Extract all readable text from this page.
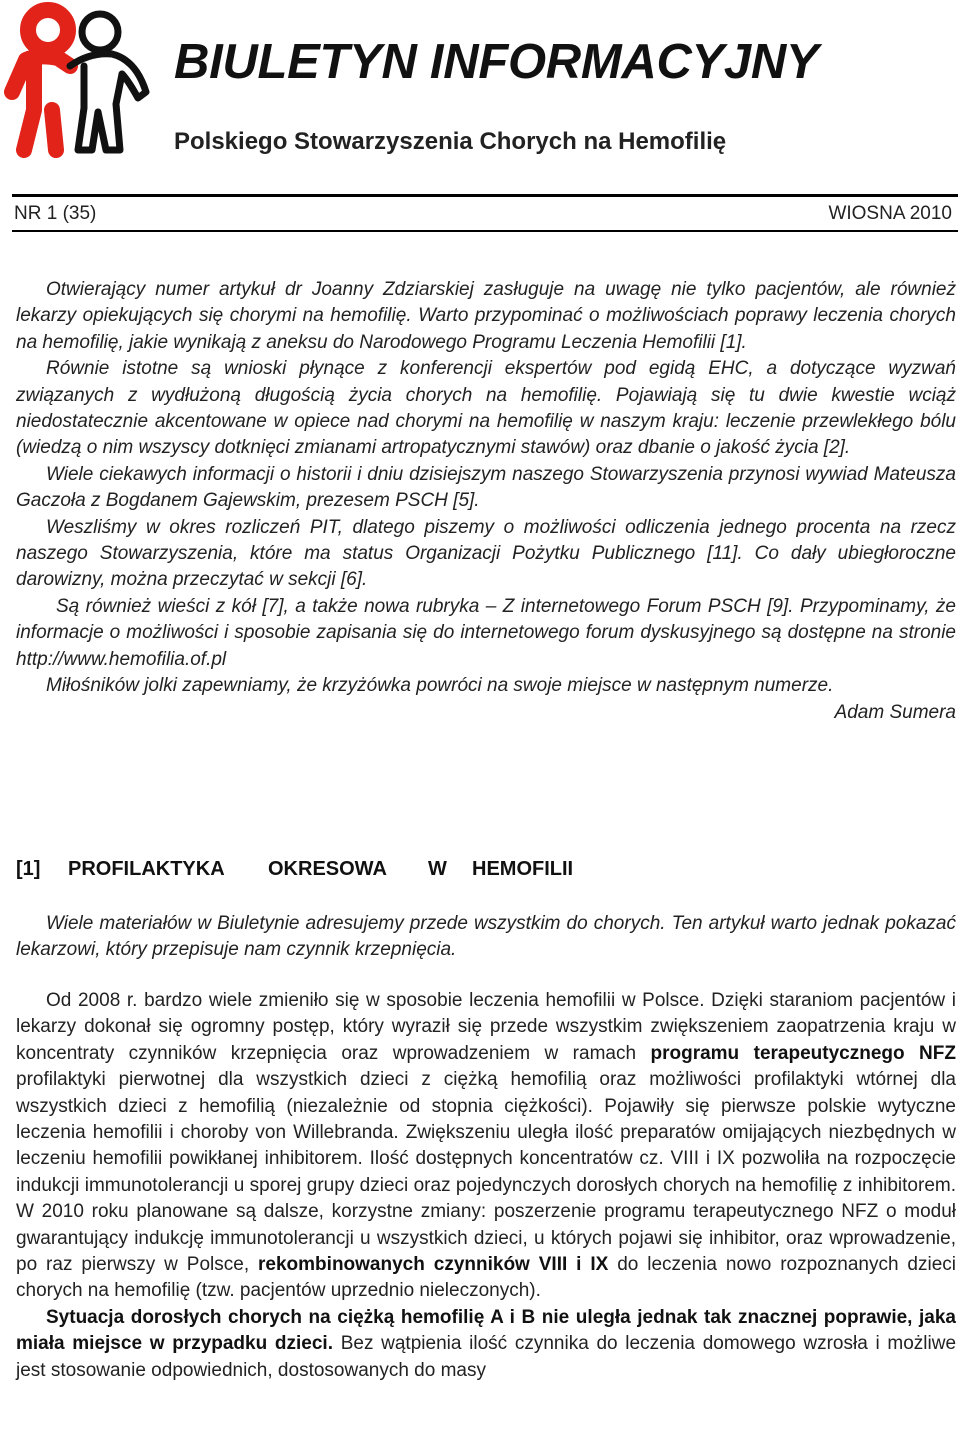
BIULETYN INFORMACYJNY
Polskiego Stowarzyszenia Chorych na Hemofilię
NR 1 (35)	WIOSNA 2010

Otwierający numer artykuł dr Joanny Zdziarskiej zasługuje na uwagę nie tylko pacjentów, ale również lekarzy opiekujących się chorymi na hemofilię. Warto przypominać o możliwościach poprawy leczenia chorych na hemofilię, jakie wynikają z aneksu do Narodowego Programu Leczenia Hemofilii [1].

Równie istotne są wnioski płynące z konferencji ekspertów pod egidą EHC, a dotyczące wyzwań związanych z wydłużoną długością życia chorych na hemofilię. Pojawiają się tu dwie kwestie wciąż niedostatecznie akcentowane w opiece nad chorymi na hemofilię w naszym kraju: leczenie przewlekłego bólu (wiedzą o nim wszyscy dotknięci zmianami artropatycznymi stawów) oraz dbanie o jakość życia [2].

Wiele ciekawych informacji o historii i dniu dzisiejszym naszego Stowarzyszenia przynosi wywiad Mateusza Gaczoła z Bogdanem Gajewskim, prezesem PSCH [5].

Weszliśmy w okres rozliczeń PIT, dlatego piszemy o możliwości odliczenia jednego procenta na rzecz naszego Stowarzyszenia, które ma status Organizacji Pożytku Publicznego [11]. Co dały ubiegłoroczne darowizny, można przeczytać w sekcji [6].

Są również wieści z kół [7], a także nowa rubryka – Z internetowego Forum PSCH [9]. Przypominamy, że informacje o możliwości i sposobie zapisania się do internetowego forum dyskusyjnego są dostępne na stronie http://www.hemofilia.of.pl

Miłośników jolki zapewniamy, że krzyżówka powróci na swoje miejsce w następnym numerze.

Adam Sumera

[1] PROFILAKTYKA OKRESOWA W HEMOFILII

Wiele materiałów w Biuletynie adresujemy przede wszystkim do chorych. Ten artykuł warto jednak pokazać lekarzowi, który przepisuje nam czynnik krzepnięcia.

Od 2008 r. bardzo wiele zmieniło się w sposobie leczenia hemofilii w Polsce. Dzięki staraniom pacjentów i lekarzy dokonał się ogromny postęp, który wyraził się przede wszystkim zwiększeniem zaopatrzenia kraju w koncentraty czynników krzepnięcia oraz wprowadzeniem w ramach programu terapeutycznego NFZ profilaktyki pierwotnej dla wszystkich dzieci z ciężką hemofilią oraz możliwości profilaktyki wtórnej dla wszystkich dzieci z hemofilią (niezależnie od stopnia ciężkości). Pojawiły się pierwsze polskie wytyczne leczenia hemofilii i choroby von Willebranda. Zwiększeniu uległa ilość preparatów omijających niezbędnych w leczeniu hemofilii powikłanej inhibitorem. Ilość dostępnych koncentratów cz. VIII i IX pozwoliła na rozpoczęcie indukcji immunotolerancji u sporej grupy dzieci oraz pojedynczych dorosłych chorych na hemofilię z inhibitorem. W 2010 roku planowane są dalsze, korzystne zmiany: poszerzenie programu terapeutycznego NFZ o moduł gwarantujący indukcję immunotolerancji u wszystkich dzieci, u których pojawi się inhibitor, oraz wprowadzenie, po raz pierwszy w Polsce, rekombinowanych czynników VIII i IX do leczenia nowo rozpoznanych dzieci chorych na hemofilię (tzw. pacjentów uprzednio nieleczonych).

Sytuacja dorosłych chorych na ciężką hemofilię A i B nie uległa jednak tak znacznej poprawie, jaka miała miejsce w przypadku dzieci. Bez wątpienia ilość czynnika do leczenia domowego wzrosła i możliwe jest stosowanie odpowiednich, dostosowanych do masy
